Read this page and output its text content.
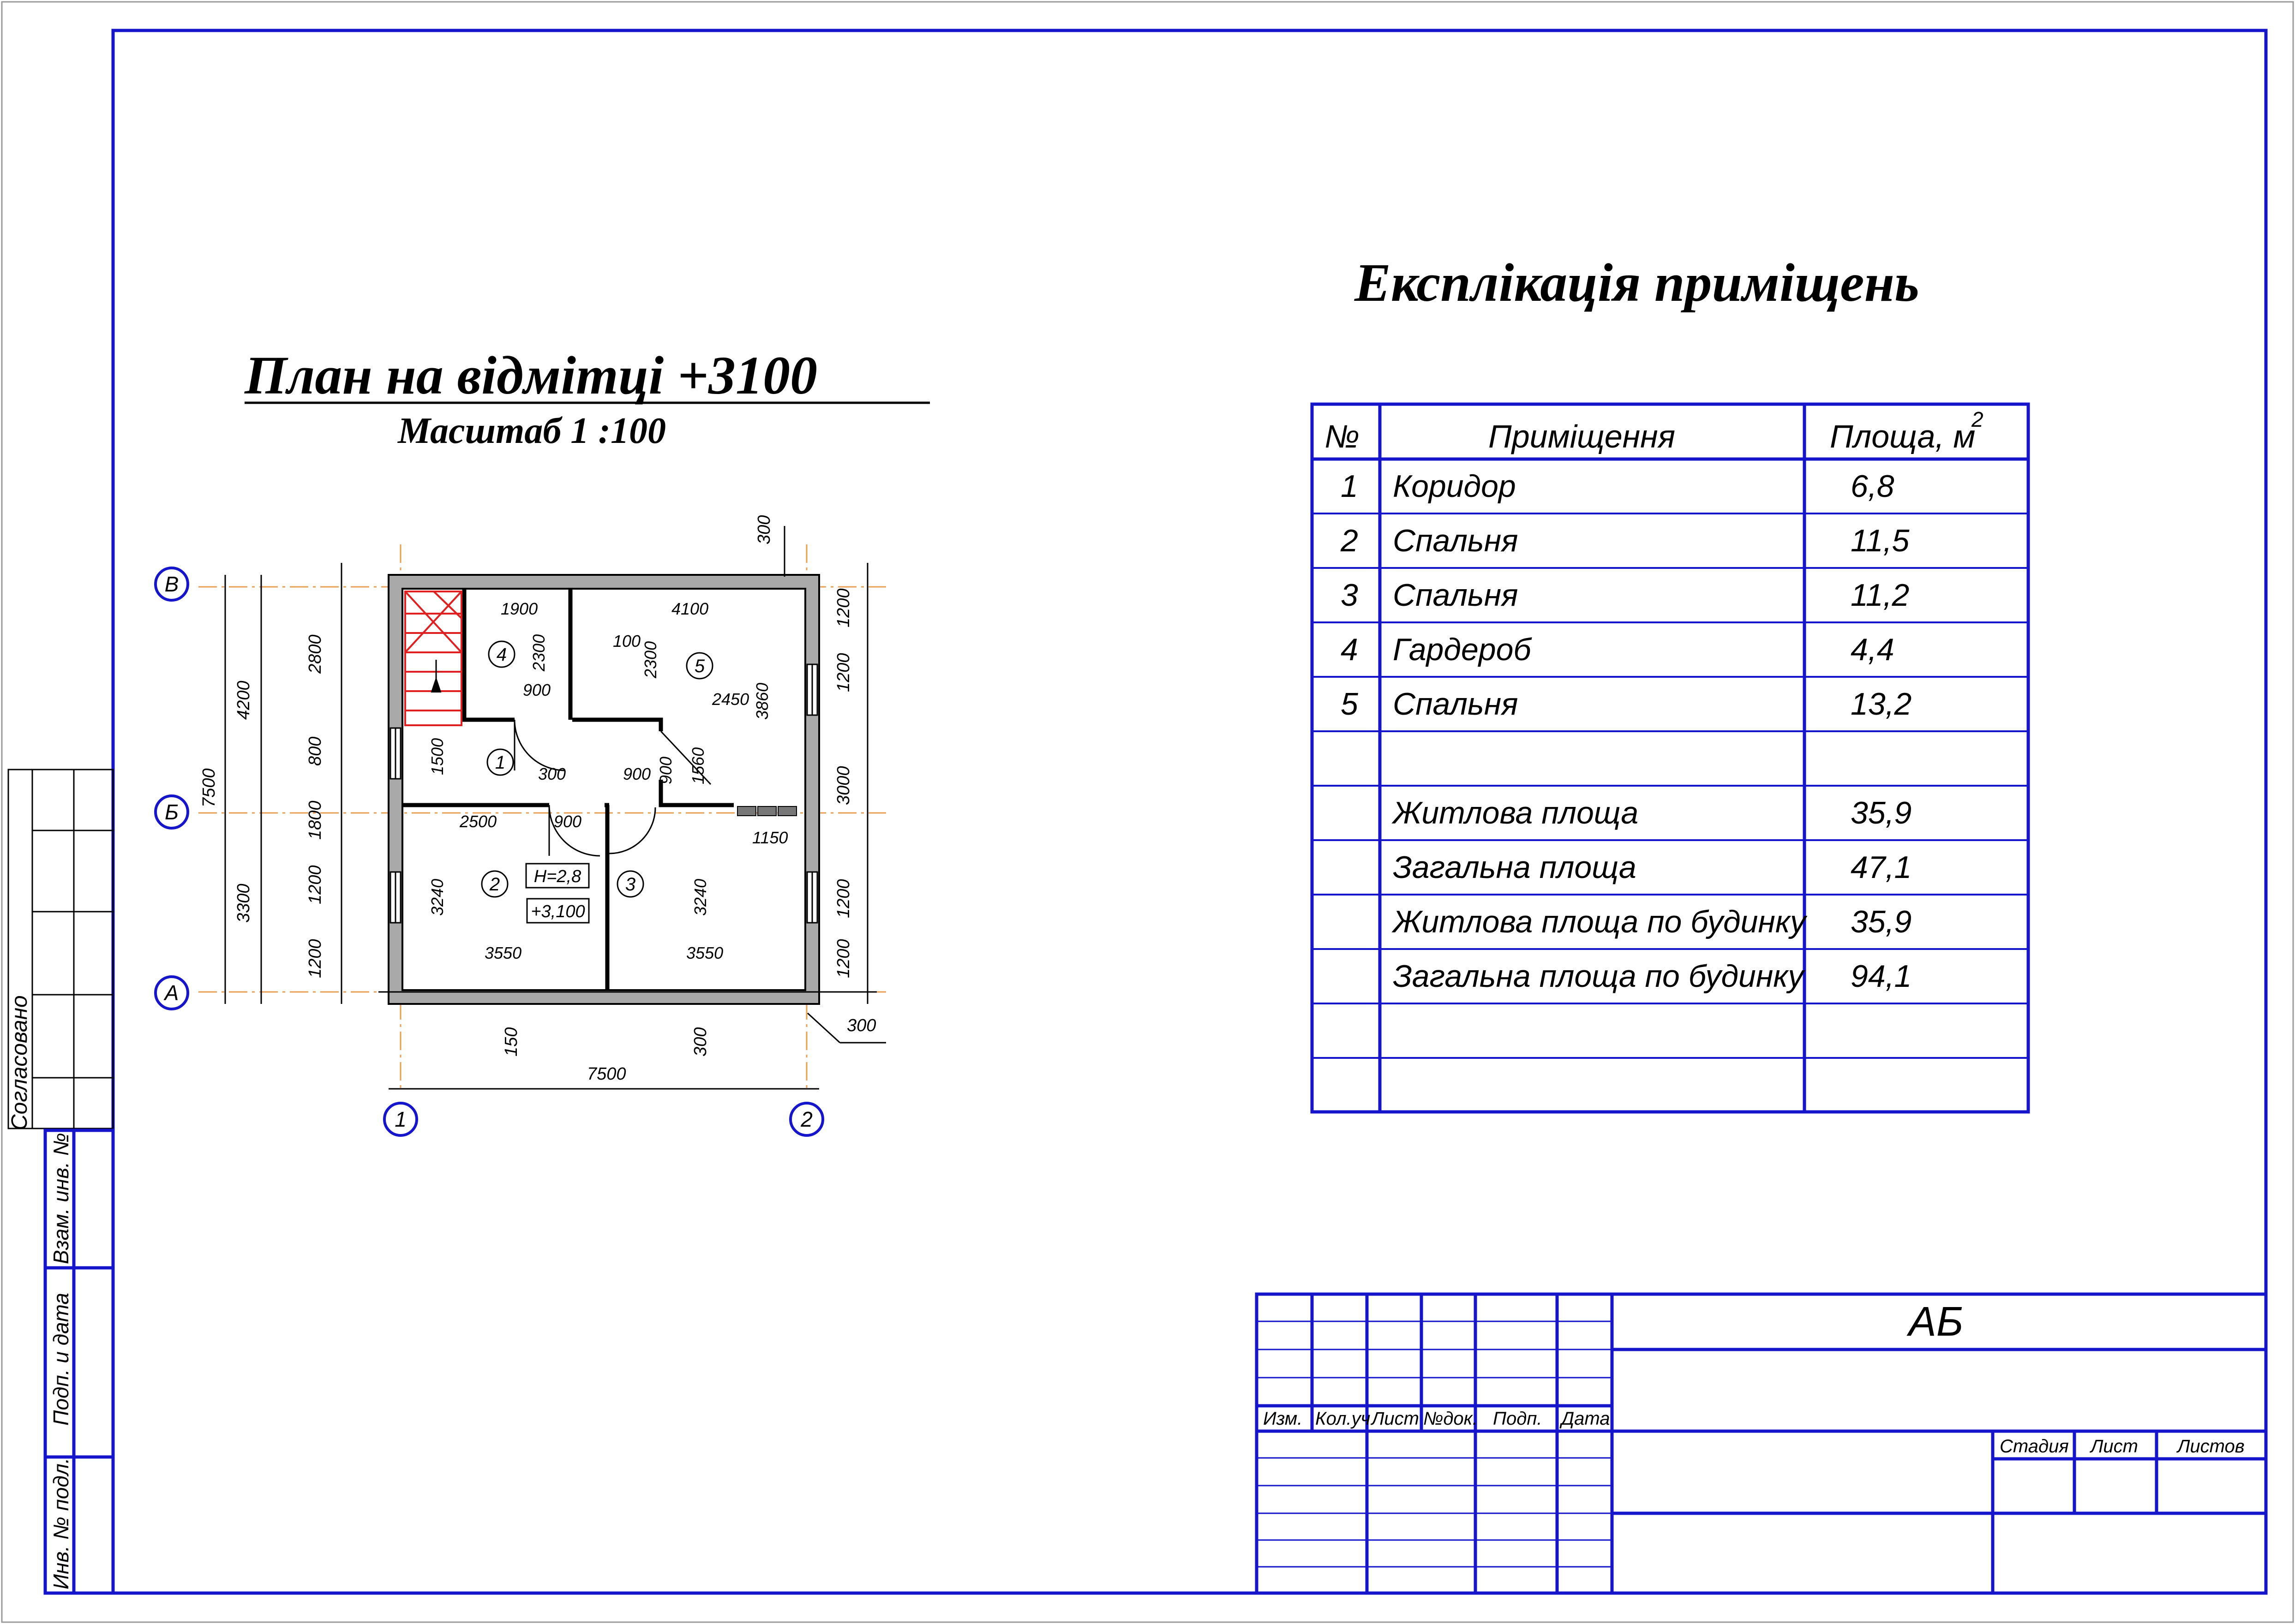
Согласовано
Взам. инв. №
Подп. и дата
Инв. № подл.
План на відмітці +3100
Масштаб 1 :100
4
5
1
2	3
H=2,8
+3,100
1900	4100
100
900	2450
300	900
2500	900
1150
3550	3550
2300	2300
3860
1500	900 1560
3240	3240
2800
800
1800
1200
1200
4200
7500
3300
1200
1200
3000
1200
1200
300
150	300
300
7500
В
Б
А
1	2
Експлікація приміщень
№	Приміщення	Площа, м
2
1 Коридор	6,8
2 Спальня	11,5
3 Спальня	11,2
4 Гардероб	4,4
5 Спальня	13,2
Житлова площа	35,9
Загальна площа	47,1
Житлова площа по будинку 35,9
Загальна площа по будинку 94,1
АБ
Изм. Кол.уч Лист №док. Подп. Дата
Стадия Лист Листов
